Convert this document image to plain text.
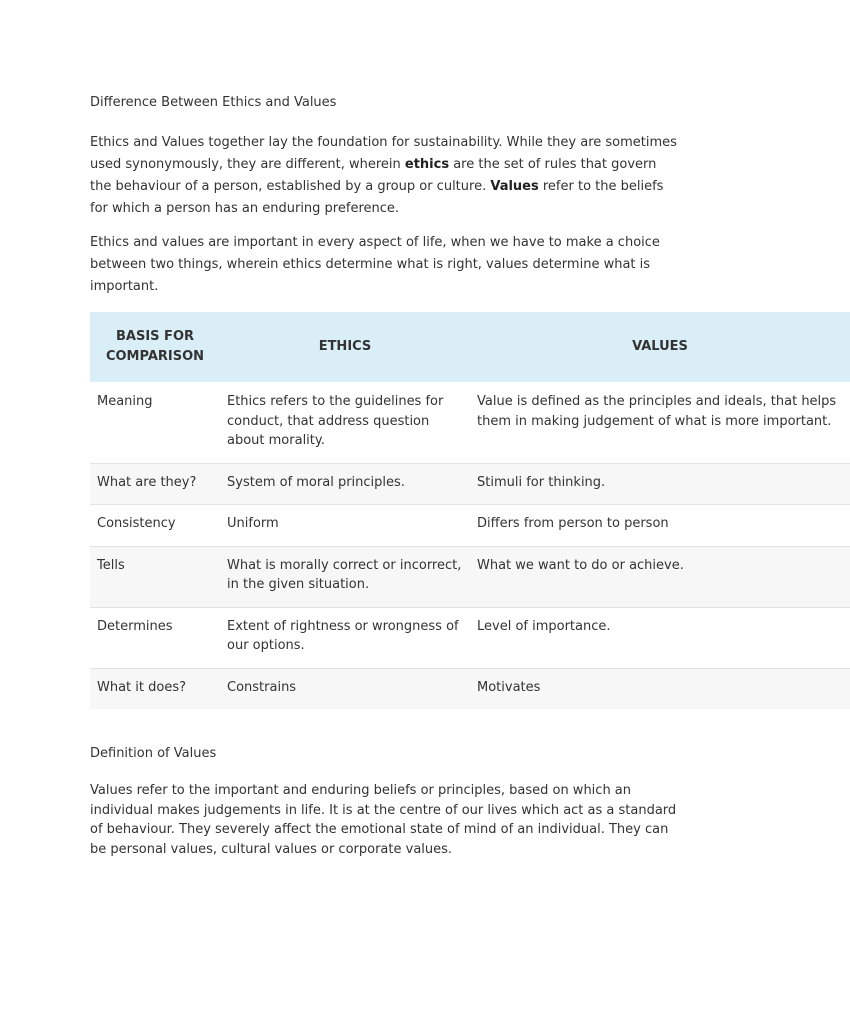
Difference Between Ethics and Values

Ethics and Values together lay the foundation for sustainability. While they are sometimes used synonymously, they are different, wherein ethics are the set of rules that govern the behaviour of a person, established by a group or culture. Values refer to the beliefs for which a person has an enduring preference.

Ethics and values are important in every aspect of life, when we have to make a choice between two things, wherein ethics determine what is right, values determine what is important.

BASIS FOR COMPARISON	ETHICS	VALUES
Meaning	Ethics refers to the guidelines for conduct, that address question about morality.	Value is defined as the principles and ideals, that helps them in making judgement of what is more important.
What are they?	System of moral principles.	Stimuli for thinking.
Consistency	Uniform	Differs from person to person
Tells	What is morally correct or incorrect, in the given situation.	What we want to do or achieve.
Determines	Extent of rightness or wrongness of our options.	Level of importance.
What it does?	Constrains	Motivates
Definition of Values

Values refer to the important and enduring beliefs or principles, based on which an individual makes judgements in life. It is at the centre of our lives which act as a standard of behaviour. They severely affect the emotional state of mind of an individual. They can be personal values, cultural values or corporate values.
